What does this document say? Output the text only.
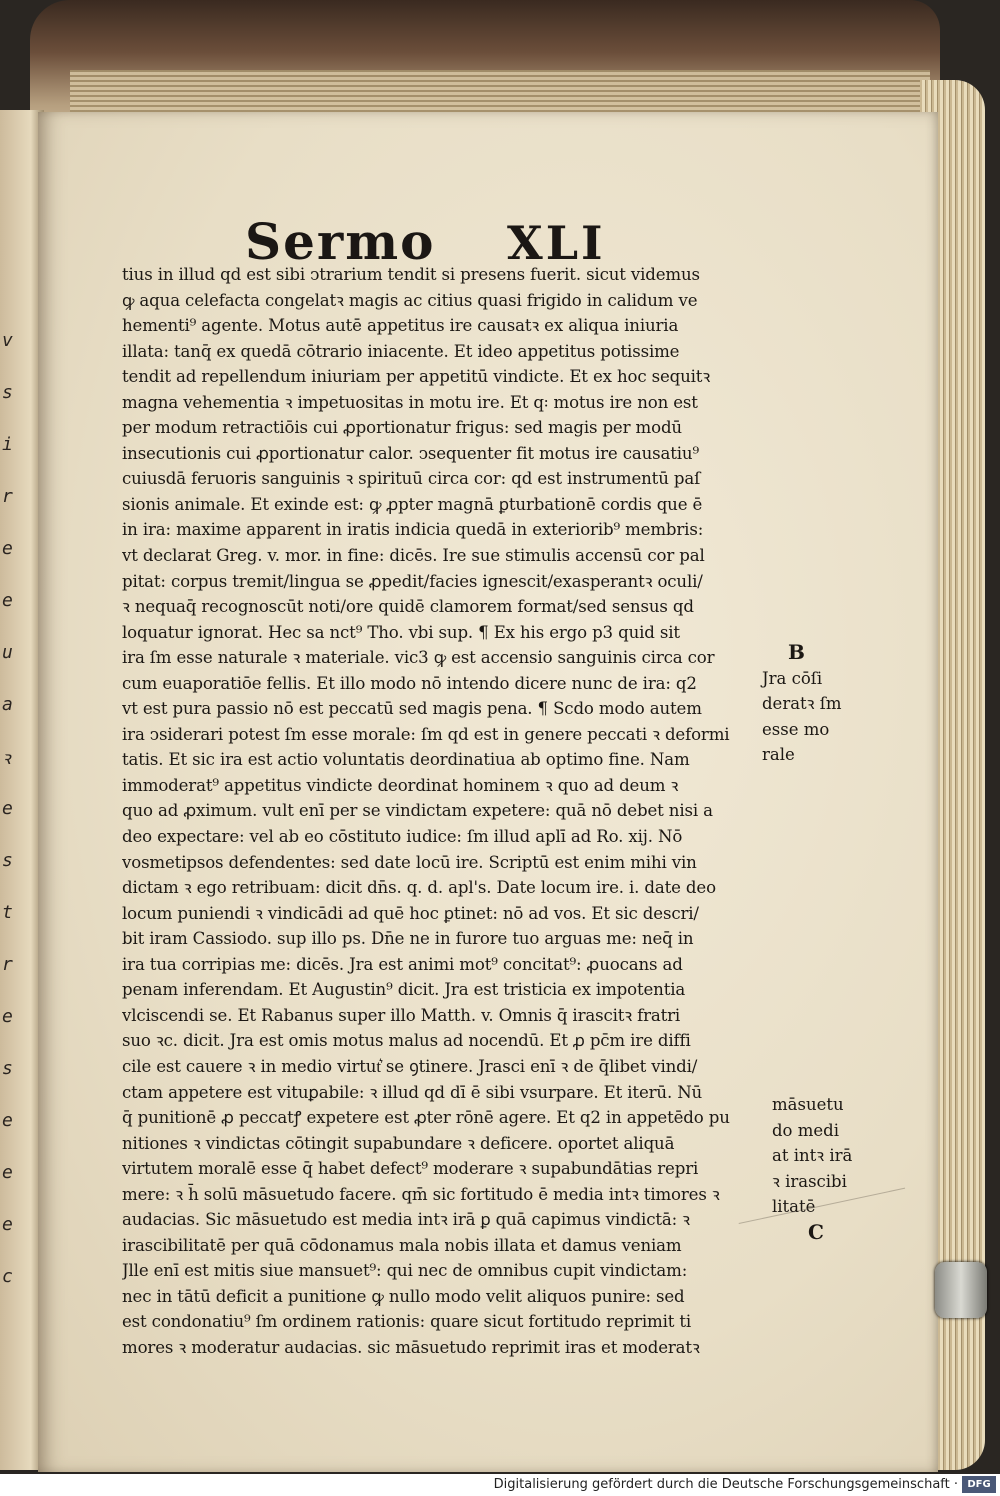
v
s
i
r
e
e
u
a
ꝛ
e
s
t
r
e
s
e
e
e
c
Sermo XLI
tius in illud qd est sibi ↄtrarium tendit si presens fuerit. sicut videmus
ꝙ aqua celefacta congelatꝛ magis ac citius quasi frigido in calidum ve
hementi⁹ agente. Motus autē appetitus ire causatꝛ ex aliqua iniuria
illata: tanq̄ ex quedā cōtrario iniacente. Et ideo appetitus potissime
tendit ad repellendum iniuriam per appetitū vindicte. Et ex hoc sequitꝛ
magna vehementia ꝛ impetuositas in motu ire. Et q꞉ motus ire non est
per modum retractiōis cui ꝓportionatur frigus: sed magis per modū
insecutionis cui ꝓportionatur calor. ↄsequenter fit motus ire causatiu⁹
cuiusdā feruoris sanguinis ꝛ spirituū circa cor: qd est instrumentū paſ
sionis animale. Et exinde est: ꝙ ꝓpter magnā ꝑturbationē cordis que ē
in ira: maxime apparent in iratis indicia quedā in exteriorib⁹ membris:
vt declarat Greg. v. mor. in fine: dicēs. Ire sue stimulis accensū cor pal
pitat: corpus tremit/lingua se ꝓpedit/facies ignescit/exasperantꝛ oculi/
ꝛ nequaq̄ recognoscūt noti/ore quidē clamorem format/sed sensus qd
loquatur ignorat. Hec sa nct⁹ Tho. vbi sup. ¶ Ex his ergo p3 quid sit
ira ſm esse naturale ꝛ materiale. vic3 ꝙ est accensio sanguinis circa cor
cum euaporatiōe fellis. Et illo modo nō intendo dicere nunc de ira: q2
vt est pura passio nō est peccatū sed magis pena. ¶ Scdo modo autem
ira ↄsiderari potest ſm esse morale: ſm qd est in genere peccati ꝛ deformi
tatis. Et sic ira est actio voluntatis deordinatiua ab optimo fine. Nam
immoderat⁹ appetitus vindicte deordinat hominem ꝛ quo ad deum ꝛ
quo ad ꝓximum. vult enī per se vindictam expetere: quā nō debet nisi a
deo expectare: vel ab eo cōstituto iudice: ſm illud aplī ad Ro. xij. Nō
vosmetipsos defendentes: sed date locū ire. Scriptū est enim mihi vin
dictam ꝛ ego retribuam: dicit dn̄s. q. d. apl's. Date locum ire. i. date deo
locum puniendi ꝛ vindicādi ad quē hoc ꝑtinet: nō ad vos. Et sic descri/
bit iram Cassiodo. sup illo ps. Dn̄e ne in furore tuo arguas me: neq̄ in
ira tua corripias me: dicēs. Jra est animi mot⁹ concitat⁹: ꝓuocans ad
penam inferendam. Et Augustin⁹ dicit. Jra est tristicia ex impotentia
vlciscendi se. Et Rabanus super illo Matth. v. Omnis q̄ irascitꝛ fratri
suo ꝛc. dicit. Jra est omis motus malus ad nocendū. Et ꝓ pc̄m ire diffi
cile est cauere ꝛ in medio virtut͛ se ꝯtinere. Jrasci enī ꝛ de q̄libet vindi/
ctam appetere est vituꝑabile: ꝛ illud qd dī ē sibi vsurpare. Et iterū. Nū
q̄ punitionē ꝓ peccatꝭ expetere est ꝓter rōnē agere. Et q2 in appetēdo pu
nitiones ꝛ vindictas cōtingit supabundare ꝛ deficere. oportet aliquā
virtutem moralē esse q̄ habet defect⁹ moderare ꝛ supabundātias repri
mere: ꝛ h̄ solū māsuetudo facere. qm̄ sic fortitudo ē media intꝛ timores ꝛ
audacias. Sic māsuetudo est media intꝛ irā ꝑ quā capimus vindictā: ꝛ
irascibilitatē per quā cōdonamus mala nobis illata et damus veniam
Jlle enī est mitis siue mansuet⁹: qui nec de omnibus cupit vindictam:
nec in tātū deficit a punitione ꝙ nullo modo velit aliquos punire: sed
est condonatiu⁹ ſm ordinem rationis: quare sicut fortitudo reprimit ti
mores ꝛ moderatur audacias. sic māsuetudo reprimit iras et moderatꝛ
B
Jra cōſi
deratꝛ ſm
esse mo
rale
māsuetu
do medi
at intꝛ irā
ꝛ irascibi
litatē
C
Digitalisierung gefördert durch die Deutsche Forschungsgemeinschaft · DFG
